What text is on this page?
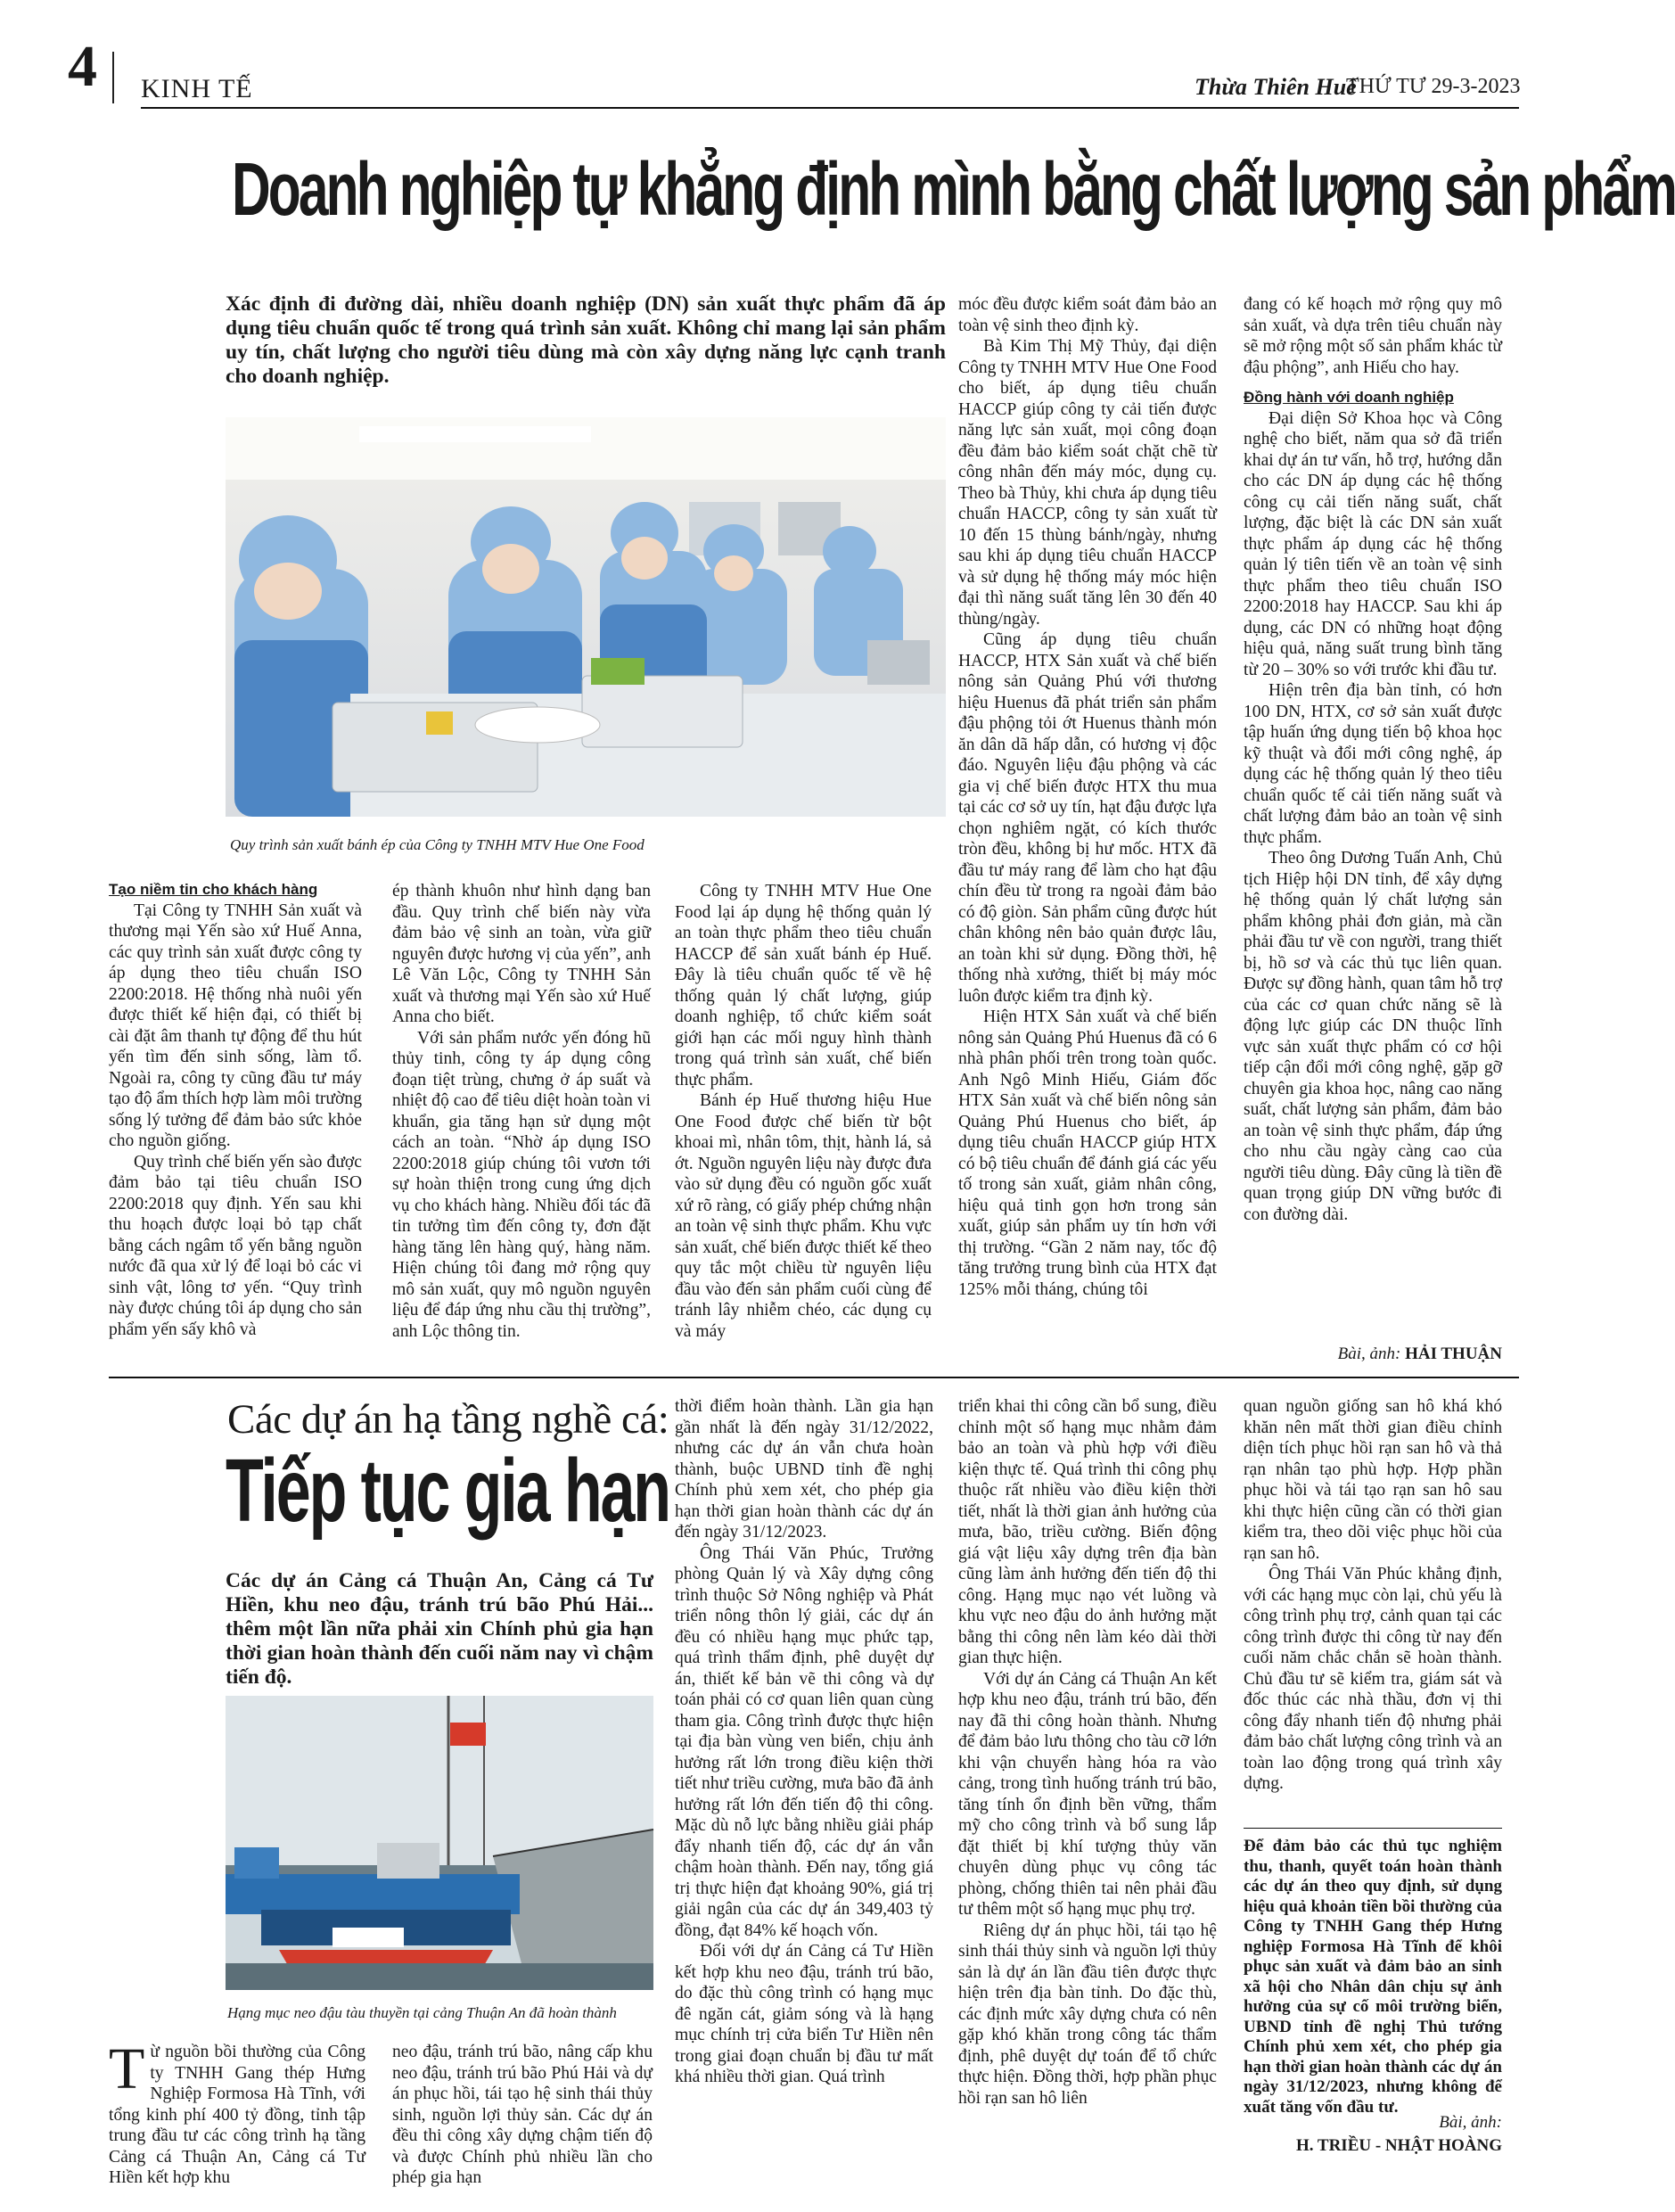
4 KINH TẾ	Thừa Thiên Huế
THỨ TƯ 29-3-2023
Doanh nghiệp tự khẳng định mình bằng chất lượng sản phẩm
Xác định đi đường dài, nhiều doanh nghiệp (DN) sản xuất thực phẩm đã áp dụng tiêu chuẩn quốc tế trong quá trình sản xuất. Không chỉ mang lại sản phẩm uy tín, chất lượng cho người tiêu dùng mà còn xây dựng năng lực cạnh tranh cho doanh nghiệp.
Quy trình sản xuất bánh ép của Công ty TNHH MTV Hue One Food

Tạo niềm tin cho khách hàng

Tại Công ty TNHH Sản xuất và thương mại Yến sào xứ Huế Anna, các quy trình sản xuất được công ty áp dụng theo tiêu chuẩn ISO 2200:2018. Hệ thống nhà nuôi yến được thiết kế hiện đại, có thiết bị cài đặt âm thanh tự động để thu hút yến tìm đến sinh sống, làm tổ. Ngoài ra, công ty cũng đầu tư máy tạo độ ẩm thích hợp làm môi trường sống lý tưởng để đảm bảo sức khỏe cho nguồn giống.

Quy trình chế biến yến sào được đảm bảo tại tiêu chuẩn ISO 2200:2018 quy định. Yến sau khi thu hoạch được loại bỏ tạp chất bằng cách ngâm tổ yến bằng nguồn nước đã qua xử lý để loại bỏ các vi sinh vật, lông tơ yến. “Quy trình này được chúng tôi áp dụng cho sản phẩm yến sấy khô và

ép thành khuôn như hình dạng ban đầu. Quy trình chế biến này vừa đảm bảo vệ sinh an toàn, vừa giữ nguyên được hương vị của yến”, anh Lê Văn Lộc, Công ty TNHH Sản xuất và thương mại Yến sào xứ Huế Anna cho biết.

Với sản phẩm nước yến đóng hũ thủy tinh, công ty áp dụng công đoạn tiệt trùng, chưng ở áp suất và nhiệt độ cao để tiêu diệt hoàn toàn vi khuẩn, gia tăng hạn sử dụng một cách an toàn. “Nhờ áp dụng ISO 2200:2018 giúp chúng tôi vươn tới sự hoàn thiện trong cung ứng dịch vụ cho khách hàng. Nhiều đối tác đã tin tưởng tìm đến công ty, đơn đặt hàng tăng lên hàng quý, hàng năm. Hiện chúng tôi đang mở rộng quy mô sản xuất, quy mô nguồn nguyên liệu để đáp ứng nhu cầu thị trường”, anh Lộc thông tin.

Công ty TNHH MTV Hue One Food lại áp dụng hệ thống quản lý an toàn thực phẩm theo tiêu chuẩn HACCP để sản xuất bánh ép Huế. Đây là tiêu chuẩn quốc tế về hệ thống quản lý chất lượng, giúp doanh nghiệp, tổ chức kiểm soát giới hạn các mối nguy hình thành trong quá trình sản xuất, chế biến thực phẩm.

Bánh ép Huế thương hiệu Hue One Food được chế biến từ bột khoai mì, nhân tôm, thịt, hành lá, sả ớt. Nguồn nguyên liệu này được đưa vào sử dụng đều có nguồn gốc xuất xứ rõ ràng, có giấy phép chứng nhận an toàn vệ sinh thực phẩm. Khu vực sản xuất, chế biến được thiết kế theo quy tắc một chiều từ nguyên liệu đầu vào đến sản phẩm cuối cùng để tránh lây nhiễm chéo, các dụng cụ và máy

móc đều được kiểm soát đảm bảo an toàn vệ sinh theo định kỳ.

Bà Kim Thị Mỹ Thủy, đại diện Công ty TNHH MTV Hue One Food cho biết, áp dụng tiêu chuẩn HACCP giúp công ty cải tiến được năng lực sản xuất, mọi công đoạn đều đảm bảo kiểm soát chặt chẽ từ công nhân đến máy móc, dụng cụ. Theo bà Thủy, khi chưa áp dụng tiêu chuẩn HACCP, công ty sản xuất từ 10 đến 15 thùng bánh/ngày, nhưng sau khi áp dụng tiêu chuẩn HACCP và sử dụng hệ thống máy móc hiện đại thì năng suất tăng lên 30 đến 40 thùng/ngày.

Cũng áp dụng tiêu chuẩn HACCP, HTX Sản xuất và chế biến nông sản Quảng Phú với thương hiệu Huenus đã phát triển sản phẩm đậu phộng tỏi ớt Huenus thành món ăn dân dã hấp dẫn, có hương vị độc đáo. Nguyên liệu đậu phộng và các gia vị chế biến được HTX thu mua tại các cơ sở uy tín, hạt đậu được lựa chọn nghiêm ngặt, có kích thước tròn đều, không bị hư mốc. HTX đã đầu tư máy rang để làm cho hạt đậu chín đều từ trong ra ngoài đảm bảo có độ giòn. Sản phẩm cũng được hút chân không nên bảo quản được lâu, an toàn khi sử dụng. Đồng thời, hệ thống nhà xưởng, thiết bị máy móc luôn được kiểm tra định kỳ.

Hiện HTX Sản xuất và chế biến nông sản Quảng Phú Huenus đã có 6 nhà phân phối trên trong toàn quốc. Anh Ngô Minh Hiếu, Giám đốc HTX Sản xuất và chế biến nông sản Quảng Phú Huenus cho biết, áp dụng tiêu chuẩn HACCP giúp HTX có bộ tiêu chuẩn để đánh giá các yếu tố trong sản xuất, giảm nhân công, hiệu quả tinh gọn hơn trong sản xuất, giúp sản phẩm uy tín hơn với thị trường. “Gần 2 năm nay, tốc độ tăng trưởng trung bình của HTX đạt 125% mỗi tháng, chúng tôi

đang có kế hoạch mở rộng quy mô sản xuất, và dựa trên tiêu chuẩn này sẽ mở rộng một số sản phẩm khác từ đậu phộng”, anh Hiếu cho hay.

Đồng hành với doanh nghiệp

Đại diện Sở Khoa học và Công nghệ cho biết, năm qua sở đã triển khai dự án tư vấn, hỗ trợ, hướng dẫn cho các DN áp dụng các hệ thống công cụ cải tiến năng suất, chất lượng, đặc biệt là các DN sản xuất thực phẩm áp dụng các hệ thống quản lý tiên tiến về an toàn vệ sinh thực phẩm theo tiêu chuẩn ISO 2200:2018 hay HACCP. Sau khi áp dụng, các DN có những hoạt động hiệu quả, năng suất trung bình tăng từ 20 – 30% so với trước khi đầu tư.

Hiện trên địa bàn tỉnh, có hơn 100 DN, HTX, cơ sở sản xuất được tập huấn ứng dụng tiến bộ khoa học kỹ thuật và đổi mới công nghệ, áp dụng các hệ thống quản lý theo tiêu chuẩn quốc tế cải tiến năng suất và chất lượng đảm bảo an toàn vệ sinh thực phẩm.

Theo ông Dương Tuấn Anh, Chủ tịch Hiệp hội DN tỉnh, để xây dựng hệ thống quản lý chất lượng sản phẩm không phải đơn giản, mà cần phải đầu tư về con người, trang thiết bị, hồ sơ và các thủ tục liên quan. Được sự đồng hành, quan tâm hỗ trợ của các cơ quan chức năng sẽ là động lực giúp các DN thuộc lĩnh vực sản xuất thực phẩm có cơ hội tiếp cận đổi mới công nghệ, gặp gỡ chuyên gia khoa học, nâng cao năng suất, chất lượng sản phẩm, đảm bảo an toàn vệ sinh thực phẩm, đáp ứng cho nhu cầu ngày càng cao của người tiêu dùng. Đây cũng là tiền đề quan trọng giúp DN vững bước đi con đường dài.

Bài, ảnh: HẢI THUẬN
Các dự án hạ tầng nghề cá:
Tiếp tục gia hạn
Các dự án Cảng cá Thuận An, Cảng cá Tư Hiền, khu neo đậu, tránh trú bão Phú Hải... thêm một lần nữa phải xin Chính phủ gia hạn thời gian hoàn thành đến cuối năm nay vì chậm tiến độ.
Hạng mục neo đậu tàu thuyền tại cảng Thuận An đã hoàn thành
T ừ nguồn bồi thường của Công ty TNHH Gang thép Hưng Nghiệp Formosa Hà Tĩnh, với tổng kinh phí 400 tỷ đồng, tỉnh tập trung đầu tư các công trình hạ tầng Cảng cá Thuận An, Cảng cá Tư Hiền kết hợp khu

neo đậu, tránh trú bão, nâng cấp khu neo đậu, tránh trú bão Phú Hải và dự án phục hồi, tái tạo hệ sinh thái thủy sinh, nguồn lợi thủy sản. Các dự án đều thi công xây dựng chậm tiến độ và được Chính phủ nhiều lần cho phép gia hạn

thời điểm hoàn thành. Lần gia hạn gần nhất là đến ngày 31/12/2022, nhưng các dự án vẫn chưa hoàn thành, buộc UBND tỉnh đề nghị Chính phủ xem xét, cho phép gia hạn thời gian hoàn thành các dự án đến ngày 31/12/2023.

Ông Thái Văn Phúc, Trưởng phòng Quản lý và Xây dựng công trình thuộc Sở Nông nghiệp và Phát triển nông thôn lý giải, các dự án đều có nhiều hạng mục phức tạp, quá trình thẩm định, phê duyệt dự án, thiết kế bản vẽ thi công và dự toán phải có cơ quan liên quan cùng tham gia. Công trình được thực hiện tại địa bàn vùng ven biển, chịu ảnh hưởng rất lớn trong điều kiện thời tiết như triều cường, mưa bão đã ảnh hưởng rất lớn đến tiến độ thi công. Mặc dù nỗ lực bằng nhiều giải pháp đẩy nhanh tiến độ, các dự án vẫn chậm hoàn thành. Đến nay, tổng giá trị thực hiện đạt khoảng 90%, giá trị giải ngân của các dự án 349,403 tỷ đồng, đạt 84% kế hoạch vốn.

Đối với dự án Cảng cá Tư Hiền kết hợp khu neo đậu, tránh trú bão, do đặc thù công trình có hạng mục đê ngăn cát, giảm sóng và là hạng mục chính trị cửa biển Tư Hiền nên trong giai đoạn chuẩn bị đầu tư mất khá nhiều thời gian. Quá trình

triển khai thi công cần bổ sung, điều chỉnh một số hạng mục nhằm đảm bảo an toàn và phù hợp với điều kiện thực tế. Quá trình thi công phụ thuộc rất nhiều vào điều kiện thời tiết, nhất là thời gian ảnh hưởng của mưa, bão, triều cường. Biến động giá vật liệu xây dựng trên địa bàn cũng làm ảnh hưởng đến tiến độ thi công. Hạng mục nạo vét luồng và khu vực neo đậu do ảnh hưởng mặt bằng thi công nên làm kéo dài thời gian thực hiện.

Với dự án Cảng cá Thuận An kết hợp khu neo đậu, tránh trú bão, đến nay đã thi công hoàn thành. Nhưng để đảm bảo lưu thông cho tàu cỡ lớn khi vận chuyển hàng hóa ra vào cảng, trong tình huống tránh trú bão, tăng tính ổn định bền vững, thẩm mỹ cho công trình và bổ sung lắp đặt thiết bị khí tượng thủy văn chuyên dùng phục vụ công tác phòng, chống thiên tai nên phải đầu tư thêm một số hạng mục phụ trợ.

Riêng dự án phục hồi, tái tạo hệ sinh thái thủy sinh và nguồn lợi thủy sản là dự án lần đầu tiên được thực hiện trên địa bàn tỉnh. Do đặc thù, các định mức xây dựng chưa có nên gặp khó khăn trong công tác thẩm định, phê duyệt dự toán để tổ chức thực hiện. Đồng thời, hợp phần phục hồi rạn san hô liên

quan nguồn giống san hô khá khó khăn nên mất thời gian điều chỉnh diện tích phục hồi rạn san hô và thả rạn nhân tạo phù hợp. Hợp phần phục hồi và tái tạo rạn san hô sau khi thực hiện cũng cần có thời gian kiểm tra, theo dõi việc phục hồi của rạn san hô.

Ông Thái Văn Phúc khẳng định, với các hạng mục còn lại, chủ yếu là công trình phụ trợ, cảnh quan tại các công trình được thi công từ nay đến cuối năm chắc chắn sẽ hoàn thành. Chủ đầu tư sẽ kiểm tra, giám sát và đốc thúc các nhà thầu, đơn vị thi công đẩy nhanh tiến độ nhưng phải đảm bảo chất lượng công trình và an toàn lao động trong quá trình xây dựng.

Để đảm bảo các thủ tục nghiệm thu, thanh, quyết toán hoàn thành các dự án theo quy định, sử dụng hiệu quả khoản tiền bồi thường của Công ty TNHH Gang thép Hưng nghiệp Formosa Hà Tĩnh để khôi phục sản xuất và đảm bảo an sinh xã hội cho Nhân dân chịu sự ảnh hưởng của sự cố môi trường biển, UBND tỉnh đề nghị Thủ tướng Chính phủ xem xét, cho phép gia hạn thời gian hoàn thành các dự án ngày 31/12/2023, nhưng không để xuất tăng vốn đầu tư.

Bài, ảnh:
H. TRIỀU - NHẬT HOÀNG
